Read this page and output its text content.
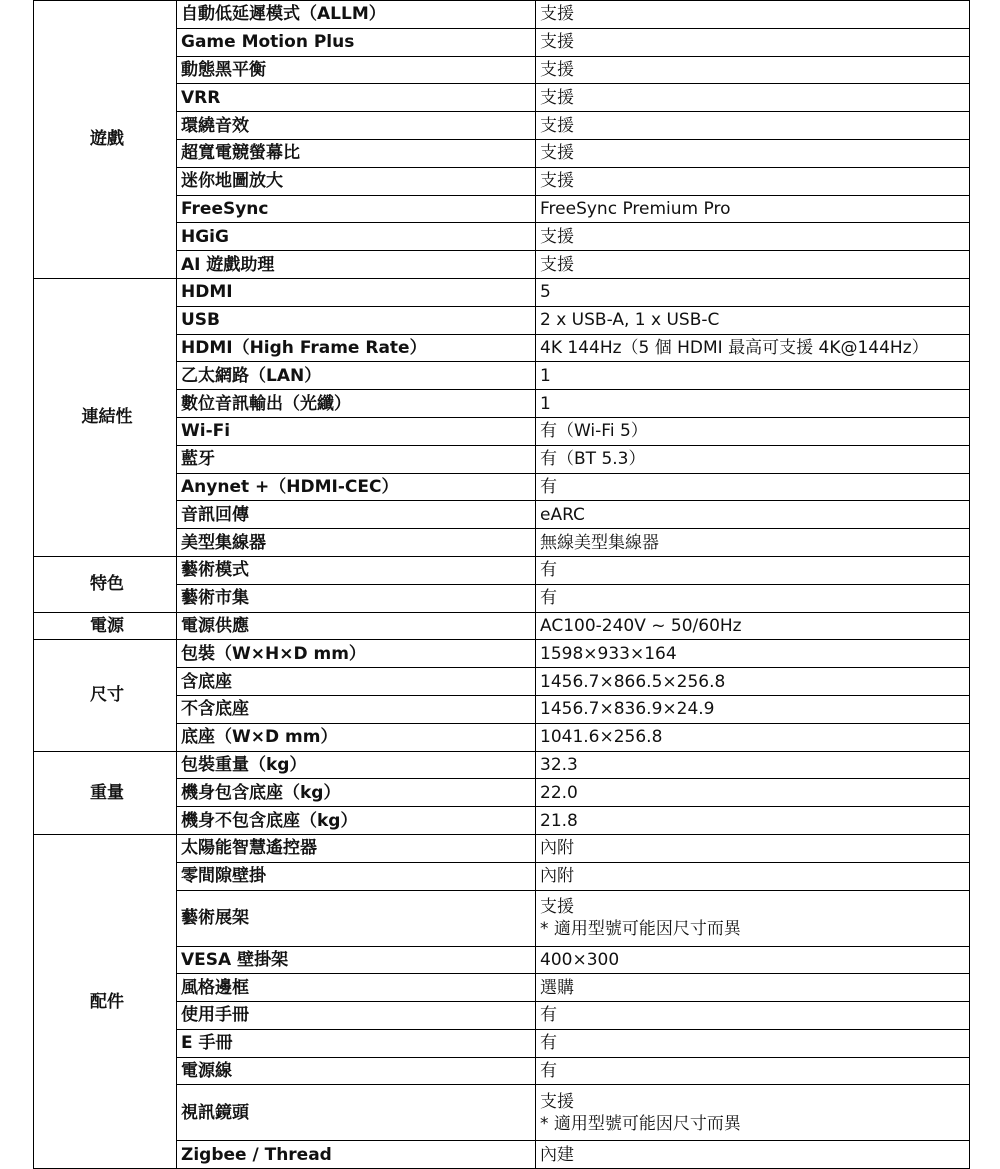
遊戲	自動低延遲模式（ALLM）	支援
	Game Motion Plus	支援
	動態黑平衡	支援
	VRR	支援
	環繞音效	支援
	超寬電競螢幕比	支援
	迷你地圖放大	支援
	FreeSync	FreeSync Premium Pro
	HGiG	支援
	AI 遊戲助理	支援
連結性	HDMI	5
	USB	2 x USB-A, 1 x USB-C
	HDMI（High Frame Rate）	4K 144Hz（5 個 HDMI 最高可支援 4K@144Hz）
	乙太網路（LAN）	1
	數位音訊輸出（光纖）	1
	Wi-Fi	有（Wi-Fi 5）
	藍牙	有（BT 5.3）
	Anynet +（HDMI-CEC）	有
	音訊回傳	eARC
	美型集線器	無線美型集線器
特色	藝術模式	有
	藝術市集	有
電源	電源供應	AC100-240V ~ 50/60Hz
尺寸	包裝（W×H×D mm）	1598×933×164
	含底座	1456.7×866.5×256.8
	不含底座	1456.7×836.9×24.9
	底座（W×D mm）	1041.6×256.8
重量	包裝重量（kg）	32.3
	機身包含底座（kg）	22.0
	機身不包含底座（kg）	21.8
配件	太陽能智慧遙控器	內附
	零間隙壁掛	內附
	藝術展架	支援
* 適用型號可能因尺寸而異

	VESA 壁掛架	400×300
	風格邊框	選購
	使用手冊	有
	E 手冊	有
	電源線	有
	視訊鏡頭	支援
* 適用型號可能因尺寸而異

	Zigbee / Thread	內建
